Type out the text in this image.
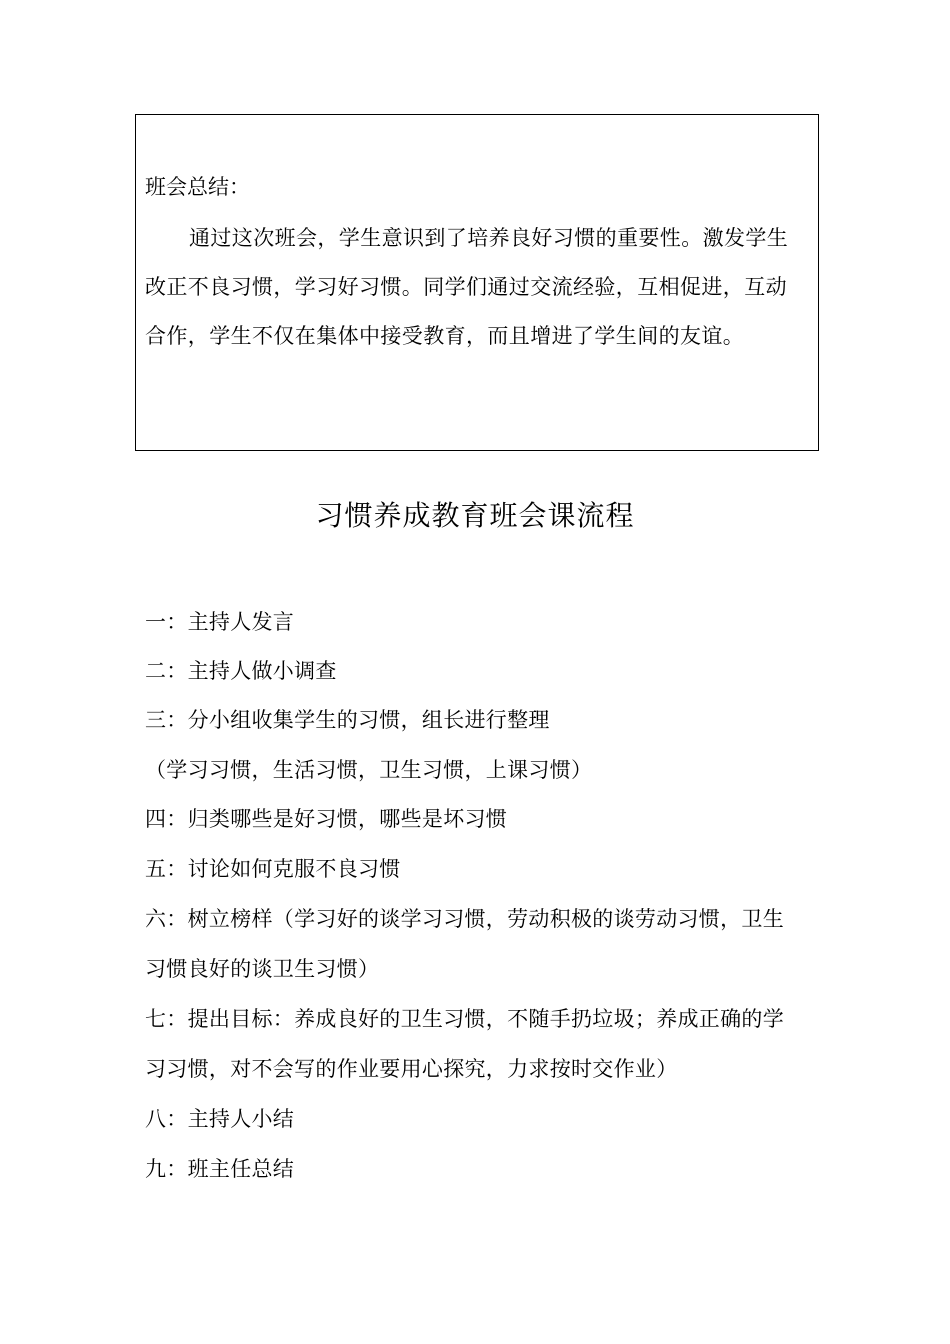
班会总结：

通过这次班会，学生意识到了培养良好习惯的重要性。激发学生

改正不良习惯，学习好习惯。同学们通过交流经验，互相促进，互动

合作，学生不仅在集体中接受教育，而且增进了学生间的友谊。

习惯养成教育班会课流程

一：主持人发言

二：主持人做小调查

三：分小组收集学生的习惯，组长进行整理

（学习习惯，生活习惯，卫生习惯，上课习惯）

四：归类哪些是好习惯，哪些是坏习惯

五：讨论如何克服不良习惯

六：树立榜样（学习好的谈学习习惯，劳动积极的谈劳动习惯，卫生

习惯良好的谈卫生习惯）

七：提出目标：养成良好的卫生习惯，不随手扔垃圾；养成正确的学

习习惯，对不会写的作业要用心探究，力求按时交作业）

八：主持人小结

九：班主任总结
